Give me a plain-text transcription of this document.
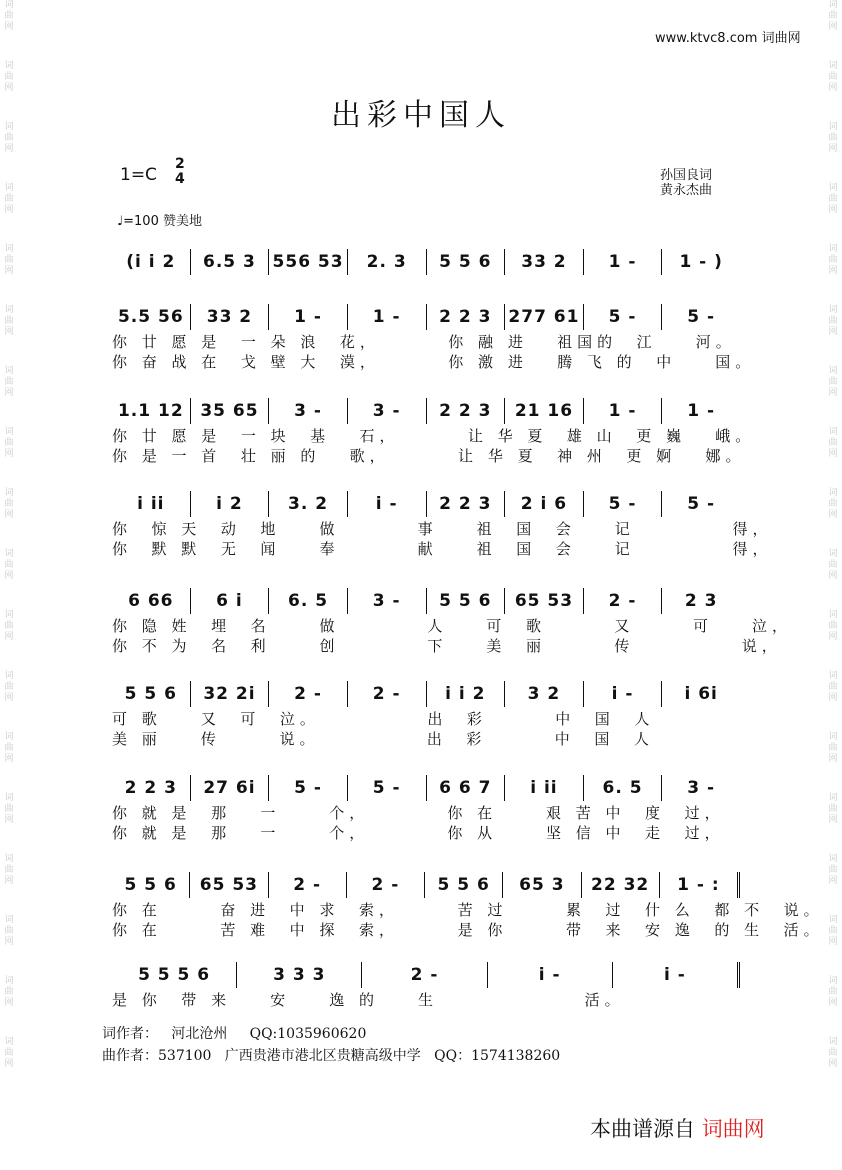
词
曲
网
词
曲
网
词
曲
网
词
曲
网
词
曲
网
词
曲
网
词
曲
网
词
曲
网
词
曲
网
词
曲
网
词
曲
网
词
曲
网
词
曲
网
词
曲
网
词
曲
网
词
曲
网
词
曲
网
词
曲
网
词
曲
网
词
曲
网
词
曲
网
词
曲
网
词
曲
网
词
曲
网
词
曲
网
词
曲
网
词
曲
网
词
曲
网
词
曲
网
词
曲
网
词
曲
网
词
曲
网
词
曲
网
词
曲
网
词
曲
网
词
曲
网
www.ktvc8.com 词曲网
出彩中国人
1=C
2
4	孙国良词
黄永杰曲
♩=100 赞美地
(i i 2	6.5 3 556 53	2. 3	5 5 6	33 2	1 -	1 - )
5.5 56	33 2	1 -	1 -	2 2 3 277 61	5 -	5 -
你 廿 愿 是  一 朵 浪  花，       你 融 进   祖国的  江    河。
你 奋 战 在  戈 壁 大  漠，       你 激 进   腾 飞 的  中    国。
1.1 12 35 65	3 -	3 -	2 2 3	21 16	1 -	1 -
你 廿 愿 是  一 块  基   石，       让 华 夏  雄 山  更 巍   峨。
你 是 一 首  壮 丽 的   歌，       让 华 夏  神 州  更 婀   娜。
i ii	i 2	3. 2	i -	2 2 3	2 i 6	5 -	5 -
你  惊 天  动  地    做        事    祖  国  会    记          得，
你  默 默  无  闻    奉        献    祖  国  会    记          得，
6 66	6 i	6. 5	3 -	5 5 6	65 53	2 -	2 3
你 隐 姓  埋  名     做         人    可  歌       又      可    泣，
你 不 为  名  利     创         下    美  丽       传           说，
5 5 6	32 2i	2 -	2 -	i i 2	3 2	i -	i 6i
可 歌    又  可  泣。           出  彩       中  国  人
美 丽    传      说。           出  彩       中  国  人
2 2 3	27 6i	5 -	5 -	6 6 7	i ii	6. 5	3 -
你 就 是  那   一     个，        你 在     艰 苦 中  度  过，
你 就 是  那   一     个，        你 从     坚 信 中  走  过，
5 5 6	65 53	2 -	2 -	5 5 6	65 3	22 32	1 - :
你 在      奋 进  中 求  索，      苦 过      累  过  什 么  都 不  说。
你 在      苦 难  中 探  索，      是 你      带  来  安 逸  的 生  活。
5 5 5 6	3 3 3	2 -	i -	i -
是 你  带 来    安    逸 的    生               活。
词作者：   河北沧州     QQ:1035960620
曲作者：537100   广西贵港市港北区贵糖高级中学   QQ：1574138260
本曲谱源自 词曲网
